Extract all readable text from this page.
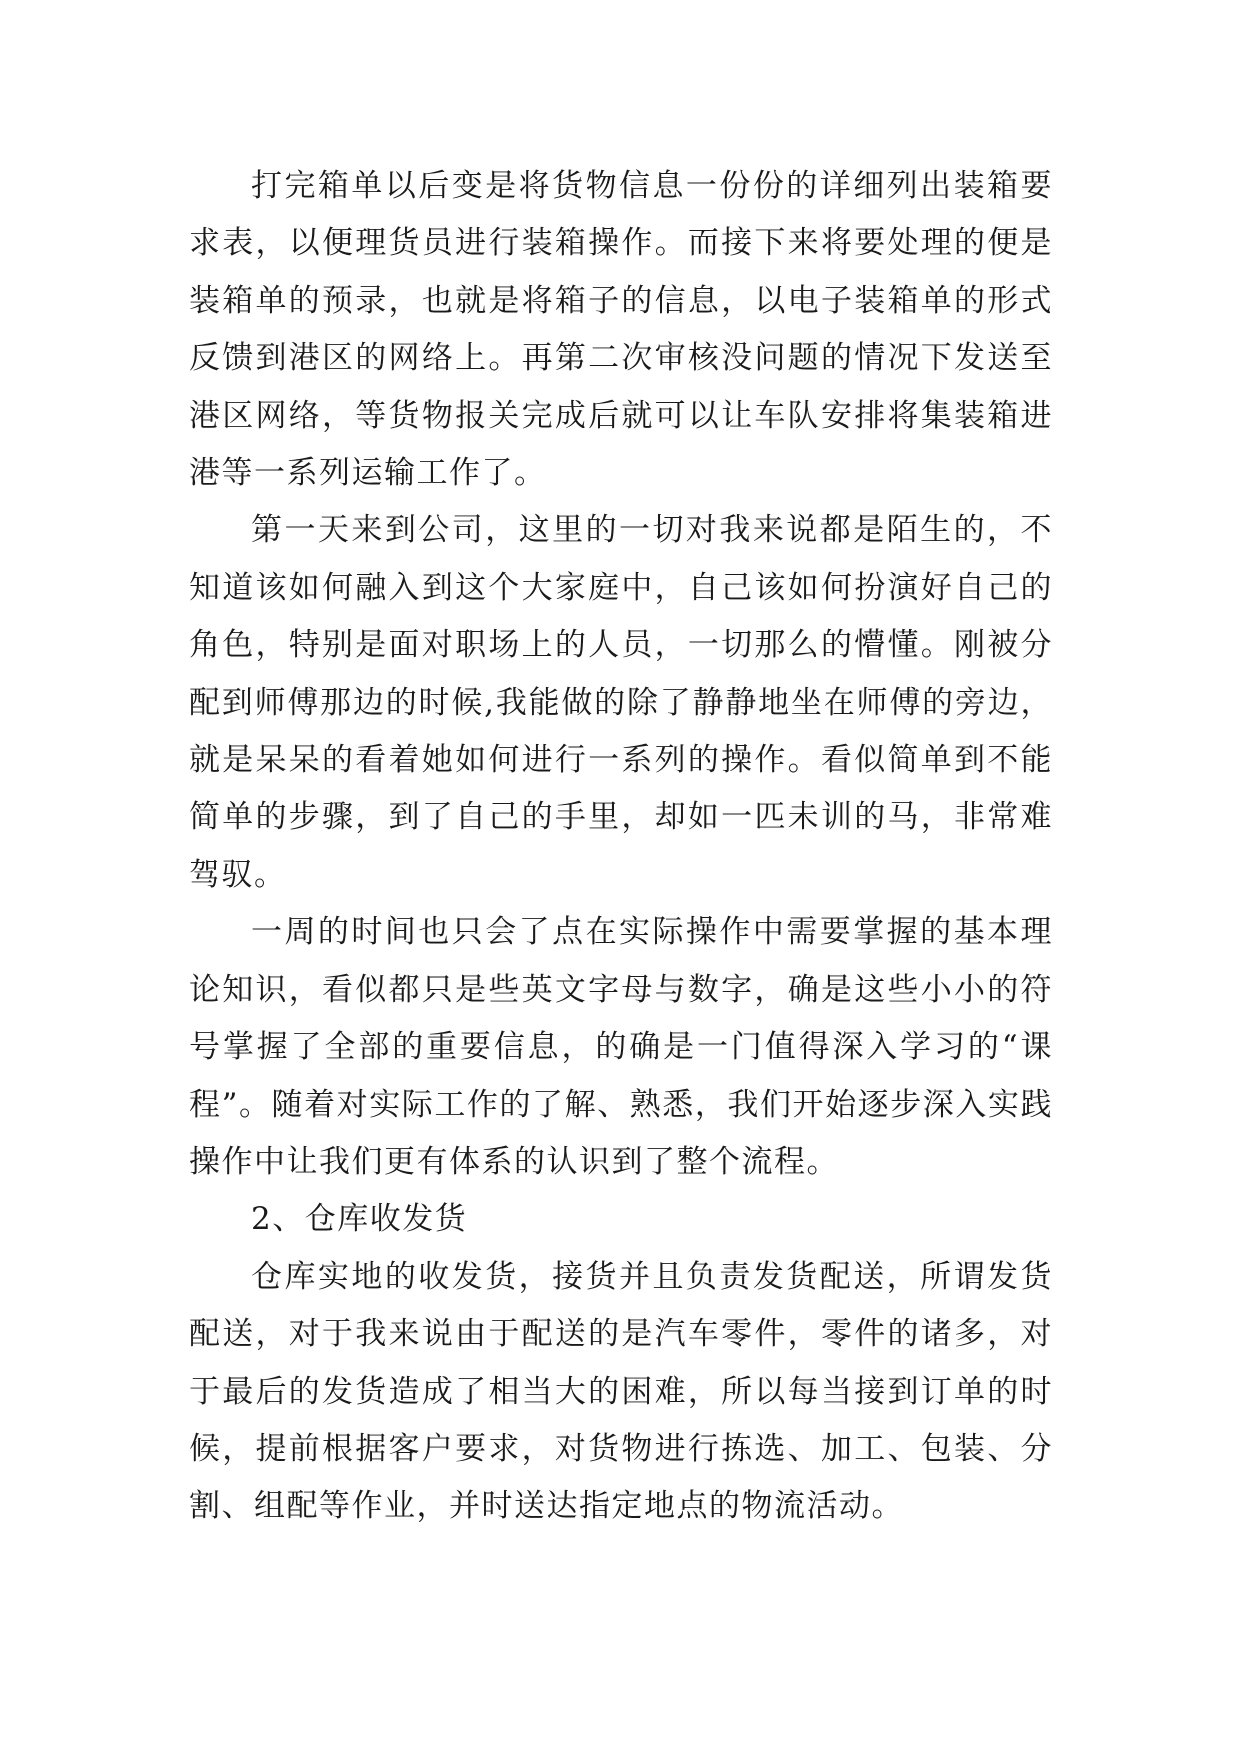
打完箱单以后变是将货物信息一份份的详细列出装箱要求表，以便理货员进行装箱操作。而接下来将要处理的便是装箱单的预录，也就是将箱子的信息，以电子装箱单的形式反馈到港区的网络上。再第二次审核没问题的情况下发送至港区网络，等货物报关完成后就可以让车队安排将集装箱进港等一系列运输工作了。

第一天来到公司，这里的一切对我来说都是陌生的，不知道该如何融入到这个大家庭中，自己该如何扮演好自己的角色，特别是面对职场上的人员，一切那么的懵懂。刚被分配到师傅那边的时候,我能做的除了静静地坐在师傅的旁边，就是呆呆的看着她如何进行一系列的操作。看似简单到不能简单的步骤，到了自己的手里，却如一匹未训的马，非常难驾驭。

一周的时间也只会了点在实际操作中需要掌握的基本理论知识，看似都只是些英文字母与数字，确是这些小小的符号掌握了全部的重要信息，的确是一门值得深入学习的“课程”。随着对实际工作的了解、熟悉，我们开始逐步深入实践操作中让我们更有体系的认识到了整个流程。

2、仓库收发货

仓库实地的收发货，接货并且负责发货配送，所谓发货配送，对于我来说由于配送的是汽车零件，零件的诸多，对于最后的发货造成了相当大的困难，所以每当接到订单的时候，提前根据客户要求，对货物进行拣选、加工、包装、分割、组配等作业，并时送达指定地点的物流活动。
